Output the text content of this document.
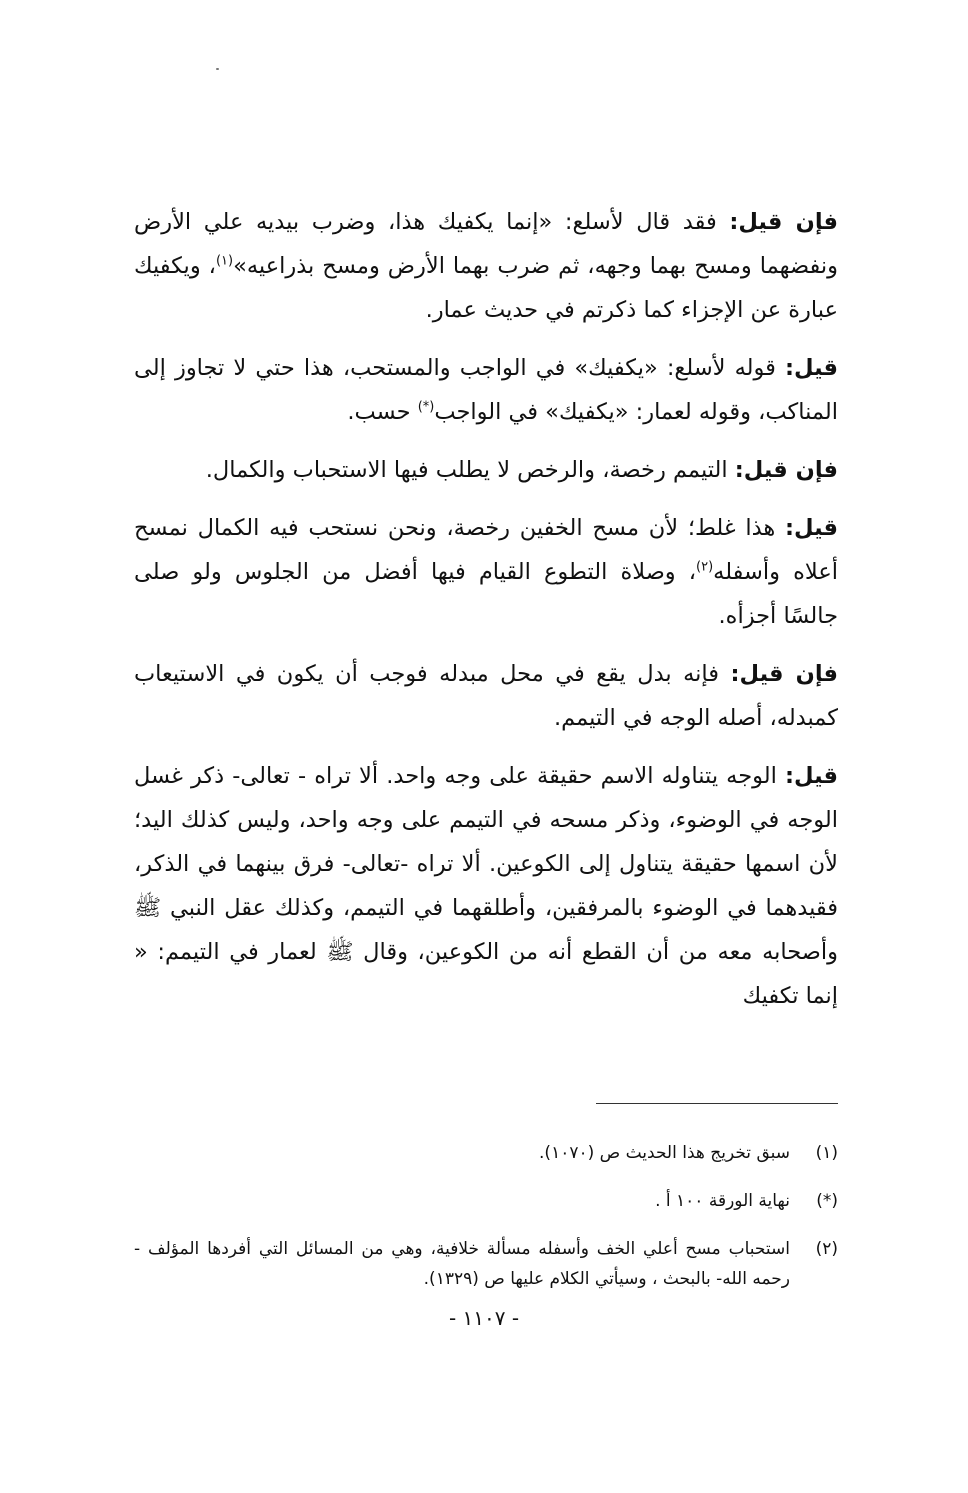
فإن قيل: فقد قال لأسلع: «إنما يكفيك هذا، وضرب بيديه علي الأرض ونفضهما ومسح بهما وجهه، ثم ضرب بهما الأرض ومسح بذراعيه»$^{(١)}$، ويكفيك عبارة عن الإجزاء كما ذكرتم في حديث عمار.

قيل: قوله لأسلع: «يكفيك» في الواجب والمستحب، هذا حتي لا تجاوز إلى المناكب، وقوله لعمار: «يكفيك» في الواجب(*) حسب.

فإن قيل: التيمم رخصة، والرخص لا يطلب فيها الاستحباب والكمال.

قيل: هذا غلط؛ لأن مسح الخفين رخصة، ونحن نستحب فيه الكمال نمسح أعلاه وأسفله$^{(٢)}$، وصلاة التطوع القيام فيها أفضل من الجلوس ولو صلى جالسًا أجزأه.

فإن قيل: فإنه بدل يقع في محل مبدله فوجب أن يكون في الاستيعاب كمبدله، أصله الوجه في التيمم.

قيل: الوجه يتناوله الاسم حقيقة على وجه واحد. ألا تراه - تعالى- ذكر غسل الوجه في الوضوء، وذكر مسحه في التيمم على وجه واحد، وليس كذلك اليد؛لأن اسمها حقيقة يتناول إلى الكوعين. ألا تراه -تعالى- فرق بينهما في الذكر، فقيدهما في الوضوء بالمرفقين، وأطلقهما في التيمم، وكذلك عقل النبي ﷺ وأصحابه معه من أن القطع أنه من الكوعين، وقال ﷺ لعمار في التيمم: « إنما تكفيك

(١)
سبق تخريج هذا الحديث ص (١٠٧٠).
(*)
نهاية الورقة ١٠٠ أ .
(٢)
استحباب مسح أعلي الخف وأسفله مسألة خلافية، وهي من المسائل التي أفردها المؤلف - رحمه الله- بالبحث ، وسيأتي الكلام عليها ص (١٣٢٩).
- ١١٠٧ -
